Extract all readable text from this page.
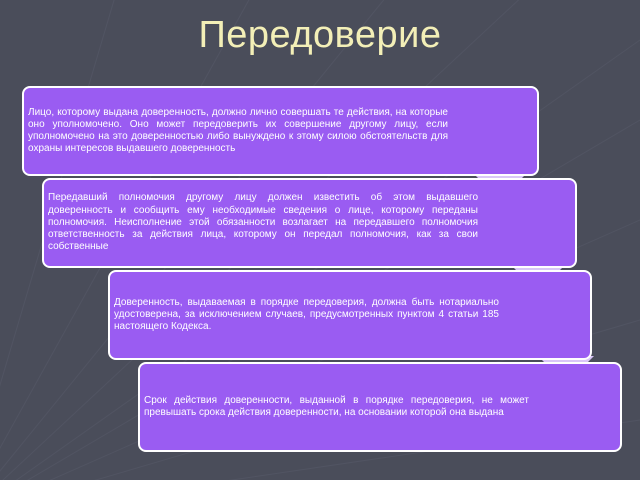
Передоверие
Лицо, которому выдана доверенность, должно лично совершать те действия, на которые оно уполномочено. Оно может передоверить их совершение другому лицу, если уполномочено на это доверенностью либо вынуждено к этому силою обстоятельств для охраны интересов выдавшего доверенность
Передавший полномочия другому лицу должен известить об этом выдавшего доверенность и сообщить ему необходимые сведения о лице, которому переданы полномочия. Неисполнение этой обязанности возлагает на передавшего полномочия ответственность за действия лица, которому он передал полномочия, как за свои собственные
Доверенность, выдаваемая в порядке передоверия, должна быть нотариально удостоверена, за исключением случаев, предусмотренных пунктом 4 статьи 185 настоящего Кодекса.
Срок действия доверенности, выданной в порядке передоверия, не может превышать срока действия доверенности, на основании которой она выдана
